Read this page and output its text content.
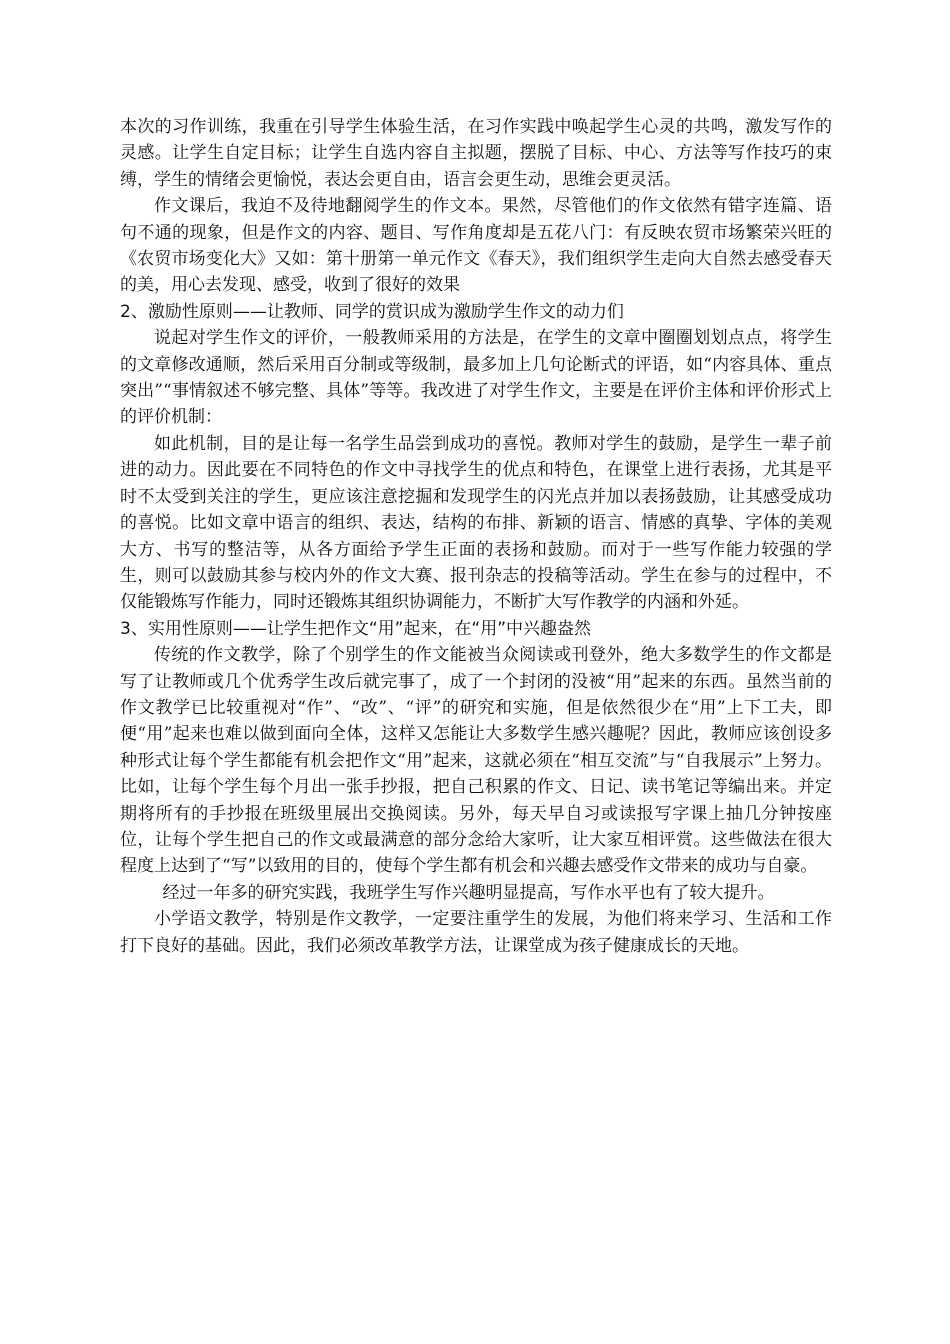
本次的习作训练，我重在引导学生体验生活，在习作实践中唤起学生心灵的共鸣，激发写作的灵感。让学生自定目标；让学生自选内容自主拟题，摆脱了目标、中心、方法等写作技巧的束缚，学生的情绪会更愉悦，表达会更自由，语言会更生动，思维会更灵活。

作文课后，我迫不及待地翻阅学生的作文本。果然，尽管他们的作文依然有错字连篇、语句不通的现象，但是作文的内容、题目、写作角度却是五花八门：有反映农贸市场繁荣兴旺的《农贸市场变化大》又如：第十册第一单元作文《春天》，我们组织学生走向大自然去感受春天的美，用心去发现、感受，收到了很好的效果

2、激励性原则——让教师、同学的赏识成为激励学生作文的动力们

说起对学生作文的评价，一般教师采用的方法是，在学生的文章中圈圈划划点点，将学生的文章修改通顺，然后采用百分制或等级制，最多加上几句论断式的评语，如“内容具体、重点突出”“事情叙述不够完整、具体”等等。我改进了对学生作文，主要是在评价主体和评价形式上的评价机制：

如此机制，目的是让每一名学生品尝到成功的喜悦。教师对学生的鼓励，是学生一辈子前进的动力。因此要在不同特色的作文中寻找学生的优点和特色，在课堂上进行表扬，尤其是平时不太受到关注的学生，更应该注意挖掘和发现学生的闪光点并加以表扬鼓励，让其感受成功的喜悦。比如文章中语言的组织、表达，结构的布排、新颖的语言、情感的真挚、字体的美观大方、书写的整洁等，从各方面给予学生正面的表扬和鼓励。而对于一些写作能力较强的学生，则可以鼓励其参与校内外的作文大赛、报刊杂志的投稿等活动。学生在参与的过程中，不仅能锻炼写作能力，同时还锻炼其组织协调能力，不断扩大写作教学的内涵和外延。

3、实用性原则——让学生把作文“用”起来，在“用”中兴趣盎然

传统的作文教学，除了个别学生的作文能被当众阅读或刊登外，绝大多数学生的作文都是写了让教师或几个优秀学生改后就完事了，成了一个封闭的没被“用”起来的东西。虽然当前的作文教学已比较重视对“作”、“改”、“评”的研究和实施，但是依然很少在“用”上下工夫，即便“用”起来也难以做到面向全体，这样又怎能让大多数学生感兴趣呢？因此，教师应该创设多种形式让每个学生都能有机会把作文“用”起来，这就必须在“相互交流”与“自我展示”上努力。比如，让每个学生每个月出一张手抄报，把自己积累的作文、日记、读书笔记等编出来。并定期将所有的手抄报在班级里展出交换阅读。另外，每天早自习或读报写字课上抽几分钟按座位，让每个学生把自己的作文或最满意的部分念给大家听，让大家互相评赏。这些做法在很大程度上达到了“写”以致用的目的，使每个学生都有机会和兴趣去感受作文带来的成功与自豪。

经过一年多的研究实践，我班学生写作兴趣明显提高，写作水平也有了较大提升。

小学语文教学，特别是作文教学，一定要注重学生的发展，为他们将来学习、生活和工作打下良好的基础。因此，我们必须改革教学方法，让课堂成为孩子健康成长的天地。
